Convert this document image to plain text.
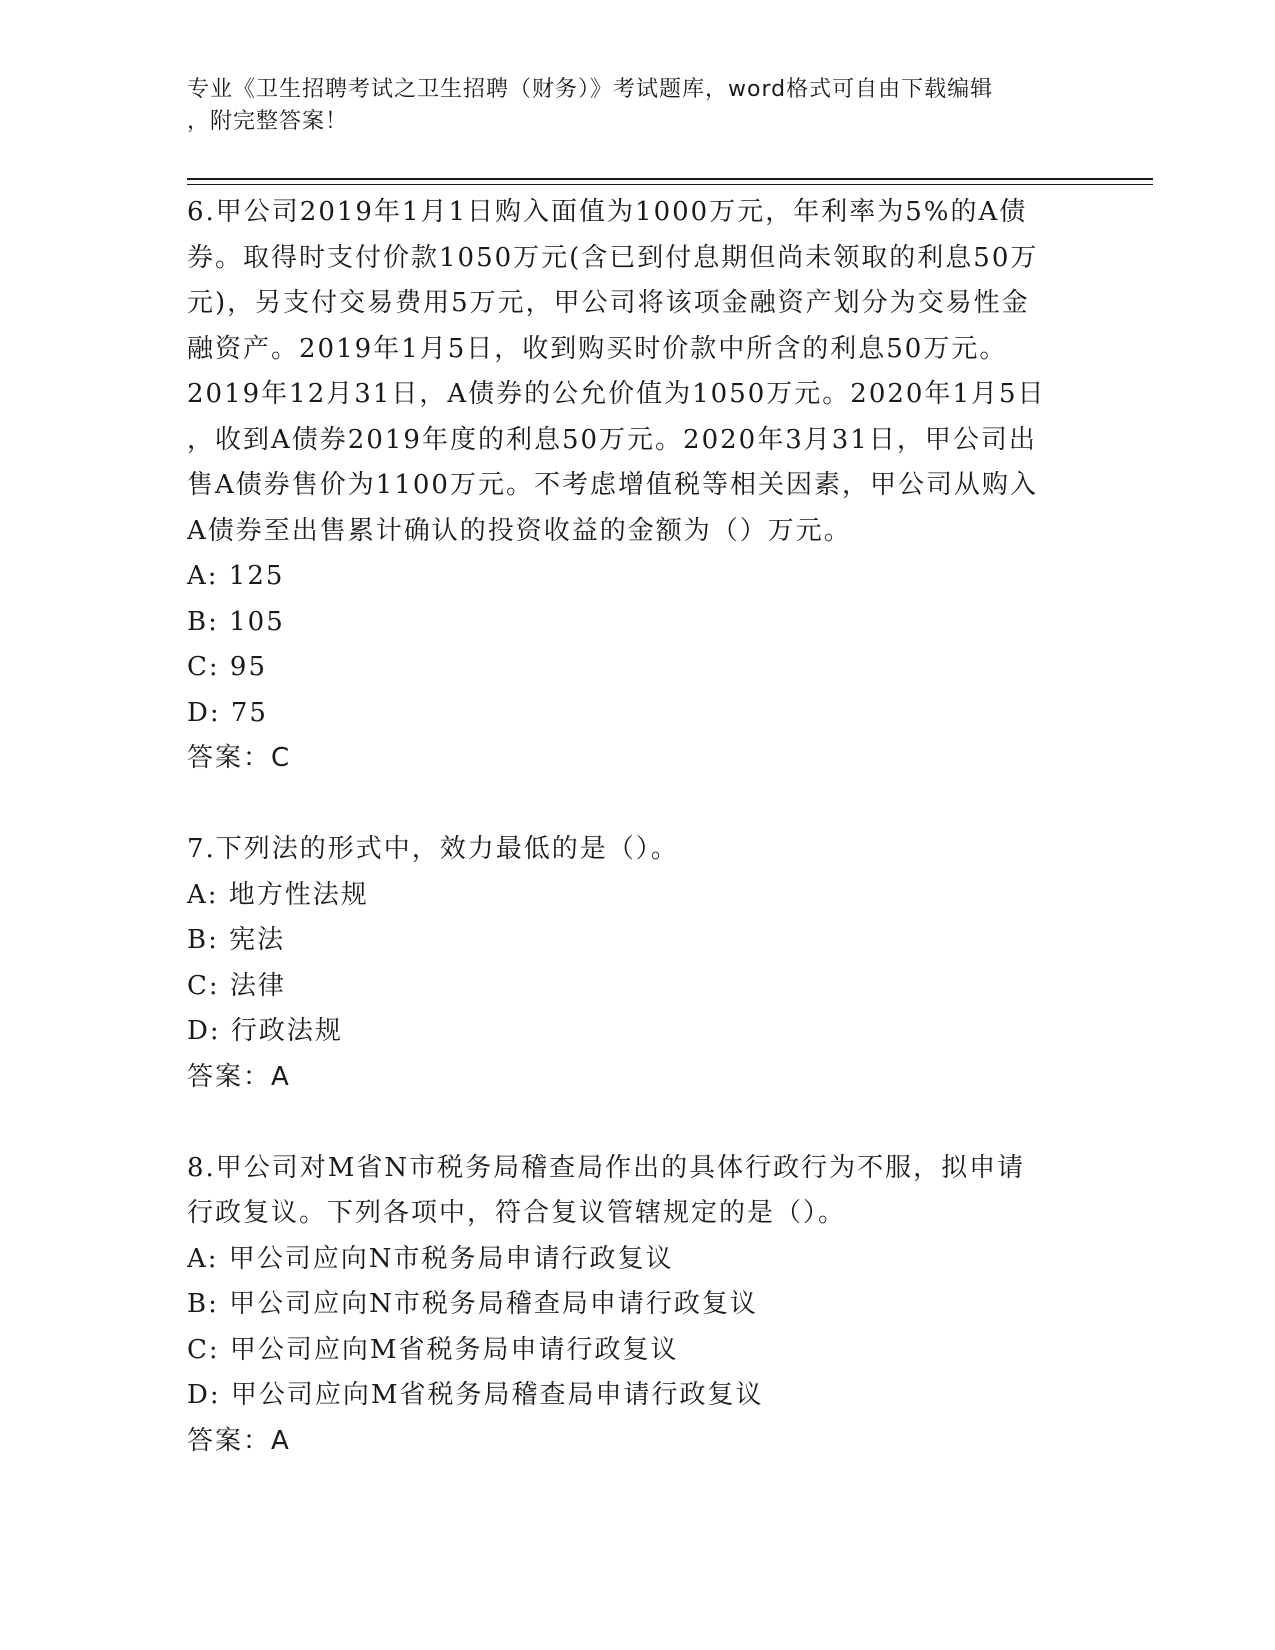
专业《卫生招聘考试之卫生招聘（财务）》考试题库，word格式可自由下载编辑
，附完整答案！
6.甲公司2019年1月1日购入面值为1000万元，年利率为5%的A债
券。取得时支付价款1050万元(含已到付息期但尚未领取的利息50万
元)，另支付交易费用5万元，甲公司将该项金融资产划分为交易性金
融资产。2019年1月5日，收到购买时价款中所含的利息50万元。
2019年12月31日，A债券的公允价值为1050万元。2020年1月5日
，收到A债券2019年度的利息50万元。2020年3月31日，甲公司出
售A债券售价为1100万元。不考虑增值税等相关因素，甲公司从购入
A债券至出售累计确认的投资收益的金额为（）万元。
A: 125
B: 105
C: 95
D: 75
答案：C
7.下列法的形式中，效力最低的是（）。
A: 地方性法规
B: 宪法
C: 法律
D: 行政法规
答案：A
8.甲公司对M省N市税务局稽查局作出的具体行政行为不服，拟申请
行政复议。下列各项中，符合复议管辖规定的是（）。
A: 甲公司应向N市税务局申请行政复议
B: 甲公司应向N市税务局稽查局申请行政复议
C: 甲公司应向M省税务局申请行政复议
D: 甲公司应向M省税务局稽查局申请行政复议
答案：A
